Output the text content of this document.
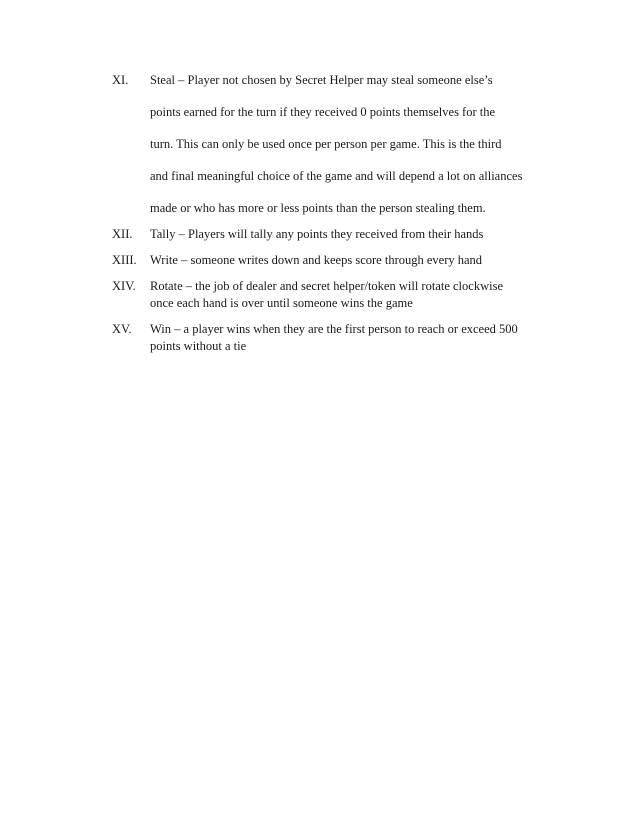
XI.	Steal – Player not chosen by Secret Helper may steal someone else’s
points earned for the turn if they received 0 points themselves for the
turn. This can only be used once per person per game. This is the third
and final meaningful choice of the game and will depend a lot on alliances
made or who has more or less points than the person stealing them.
XII.	Tally – Players will tally any points they received from their hands
XIII.	Write – someone writes down and keeps score through every hand
XIV.	Rotate – the job of dealer and secret helper/token will rotate clockwise
once each hand is over until someone wins the game
XV.	Win – a player wins when they are the first person to reach or exceed 500
points without a tie
